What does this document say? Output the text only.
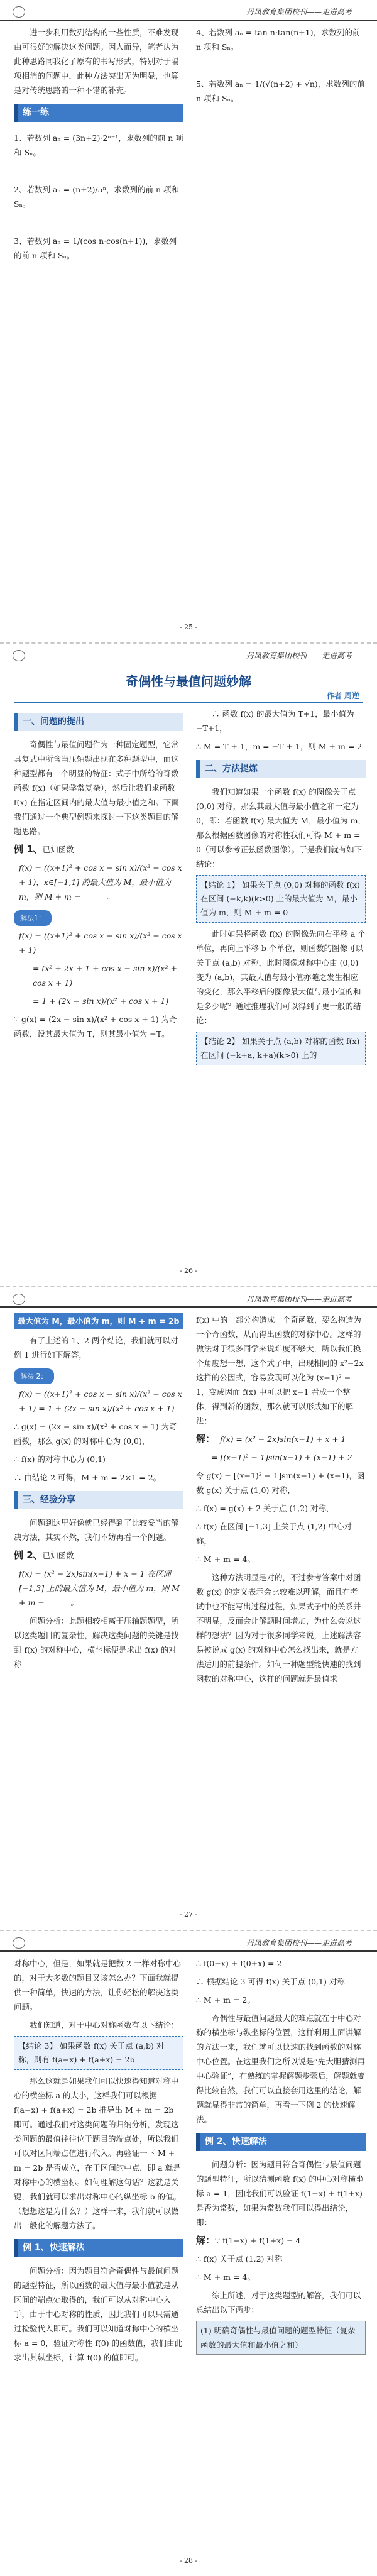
丹凤教育集团校刊——走进高考

进一步利用数列结构的一些性质，不难发现由可很好的解决这类问题。因人而异，笔者认为此种思路同我化了原有的书写形式，特别对于隔项相消的问题中，此种方法突出无为明显，也算是对传统思路的一种不错的补充。

练一练

1、若数列 aₙ = (3n+2)·2ⁿ⁻¹，求数列的前 n 项和 Sₙ。

2、若数列 aₙ = (n+2)/5ⁿ，求数列的前 n 项和 Sₙ。

3、若数列 aₙ = 1/(cos n·cos(n+1))，求数列的前 n 项和 Sₙ。

4、若数列 aₙ = tan n·tan(n+1)，求数列的前 n 项和 Sₙ。

5、若数列 aₙ = 1/(√(n+2) + √n)，求数列的前 n 项和 Sₙ。

- 25 -
丹凤教育集团校刊——走进高考
奇偶性与最值问题妙解
作者 周逆
一、问题的提出

奇偶性与最值问题作为一种固定题型，它常具复式中所含当压轴题出现在多种题型中，而这种题型都有一个明显的特征：式子中所给的奇数函数 f(x)（如果学常复杂），然后让我们求函数 f(x) 在指定区间内的最大值与最小值之和。下面我们通过一个典型例题来探讨一下这类题目的解题思路。

例 1、已知函数

f(x) = ((x+1)² + cos x − sin x)/(x² + cos x + 1)，x∈[−1,1] 的最大值为 M，最小值为 m，则 M + m = ______。

解法1：

f(x) = ((x+1)² + cos x − sin x)/(x² + cos x + 1)

= (x² + 2x + 1 + cos x − sin x)/(x² + cos x + 1)

= 1 + (2x − sin x)/(x² + cos x + 1)

∵ g(x) = (2x − sin x)/(x² + cos x + 1) 为奇函数，设其最大值为 T，则其最小值为 −T。

∴ 函数 f(x) 的最大值为 T+1，最小值为 −T+1，

∴ M = T + 1，m = −T + 1，则 M + m = 2

二、方法提炼

我们知道如果一个函数 f(x) 的图像关于点 (0,0) 对称，那么其最大值与最小值之和一定为 0，即：若函数 f(x) 最大值为 M，最小值为 m，那么根据函数图像的对称性我们可得 M + m = 0（可以参考正弦函数图像）。于是我们就有如下结论：

【结论 1】 如果关于点 (0,0) 对称的函数 f(x) 在区间 (−k,k)(k>0) 上的最大值为 M，最小值为 m，则 M + m = 0

此时如果将函数 f(x) 的图像先向右平移 a 个单位，再向上平移 b 个单位，则函数的图像可以关于点 (a,b) 对称，此时图像对称中心由 (0,0) 变为 (a,b)，其最大值与最小值亦随之发生相应的变化，那么平移后的图像最大值与最小值的和是多少呢？通过推理我们可以得到了更一般的结论：

【结论 2】 如果关于点 (a,b) 对称的函数 f(x) 在区间 (−k+a, k+a)(k>0) 上的
- 26 -
丹凤教育集团校刊——走进高考
最大值为 M，最小值为 m，则 M + m = 2b

有了上述的 1、2 两个结论，我们就可以对例 1 进行如下解答，

解法 2：

f(x) = ((x+1)² + cos x − sin x)/(x² + cos x + 1) = 1 + (2x − sin x)/(x² + cos x + 1)

∴ g(x) = (2x − sin x)/(x² + cos x + 1) 为奇函数，那么 g(x) 的对称中心为 (0,0)，

∴ f(x) 的对称中心为 (0,1)

∴ 由结论 2 可得，M + m = 2×1 = 2。

三、经验分享

问题到这里好像就已经得到了比较妥当的解决方法，其实不然，我们不妨再看一个例题。

例 2、已知函数

f(x) = (x² − 2x)sin(x−1) + x + 1 在区间 [−1,3] 上的最大值为 M，最小值为 m，则 M + m = ______。

问题分析：此题相较相离于压轴题题型，所以这类题目的复杂性，解决这类问题的关键是找到 f(x) 的对称中心，横坐标便是求出 f(x) 的对称

f(x) 中的一部分构造成一个奇函数，要么构造为一个奇函数，从而得出函数的对称中心。这样的做法对于很多同学来说难度不够大，所以我们换个角度想一想，这个式子中，出现相同的 x²−2x 这样的公因式，容易发现可以化为 (x−1)² − 1，变成因而 f(x) 中可以把 x−1 看成一个整体，得到新的函数，那么就可以形成如下的解法：

解： f(x) = (x² − 2x)sin(x−1) + x + 1

= [(x−1)² − 1]sin(x−1) + (x−1) + 2

令 g(x) = [(x−1)² − 1]sin(x−1) + (x−1)，函数 g(x) 关于点 (1,0) 对称，

∴ f(x) = g(x) + 2 关于点 (1,2) 对称，

∴ f(x) 在区间 [−1,3] 上关于点 (1,2) 中心对称，

∴ M + m = 4。

这种方法明显是对的，不过参考答案中对函数 g(x) 的定义表示会比较难以理解，而且在考试中也不能写出过程过程，如果式子中的关系并不明显，反而会让解题时间增加，为什么会说这样的想法？因为对于很多同学来说，上述解法容易被说成 g(x) 的对称中心怎么找出来，就是方法适用的前提条件。如何一种题型能快速的找到函数的对称中心，这样的问题就是最值求

- 27 -
丹凤教育集团校刊——走进高考

对称中心，但是，如果就是把数 2 一样对称中心的，对于大多数的题目又该怎么办？下面我就提供一种简单，快速的方法，让你轻松的解决这类问题。

我们知道，对于中心对称函数有以下结论：

【结论 3】 如果函数 f(x) 关于点 (a,b) 对称，则有 f(a−x) + f(a+x) = 2b

那么这就是如果我们可以快速得知道对称中心的横坐标 a 的大小，这样我们可以根据 f(a−x) + f(a+x) = 2b 推导出 M + m = 2b 即可。通过我们对这类问题的归纳分析，发现这类问题的最值往往位于题目的端点处，所以我们可以对区间端点值进行代入。再验证一下 M + m = 2b 是否成立，在于区间的中点，即 a 就是对称中心的横坐标。如何理解这句话？这就是关键，我们就可以求出对称中心的纵坐标 b 的值。（想想这是为什么？）这样一来，我们就可以做出一般化的解题方法了。

例 1、快速解法

问题分析：因为题目符合奇偶性与最值问题的题型特征，所以函数的最大值与最小值就是从区间的端点处取得的，我们可以从对称中心入手，由于中心对称的性质，因此我们可以只需通过检验代入即可。我们可以知道对称中心的横坐标 a = 0，验证对称性 f(0) 的函数值，我们由此求出其纵坐标，计算 f(0) 的值即可。

∴ f(0−x) + f(0+x) = 2

∴ 根据结论 3 可得 f(x) 关于点 (0,1) 对称

∴ M + m = 2。

奇偶性与最值问题最大的难点就在于中心对称的横坐标与纵坐标的位置，这样利用上面讲解的方法一来，我们就可以快速的找到函数的对称中心位置。在这里我们之所以说是“先大胆猜测再中心验证”，在熟练的掌握解题步骤后，解题就变得比较自然，我们可以直接套用这里的结论，解题就显得非常的简单，再看一下例 2 的快速解法。

例 2、快速解法

问题分析：因为题目符合奇偶性与最值问题的题型特征，所以猜测函数 f(x) 的中心对称横坐标 a = 1，因此我们可以验证 f(1−x) + f(1+x) 是否为常数，如果为常数我们可以得出结论，即：

解：∵ f(1−x) + f(1+x) = 4

∴ f(x) 关于点 (1,2) 对称

∴ M + m = 4。

综上所述，对于这类题型的解答，我们可以总结出以下两步：

(1) 明确奇偶性与最值问题的题型特征（复杂函数的最大值和最小值之和）
- 28 -
